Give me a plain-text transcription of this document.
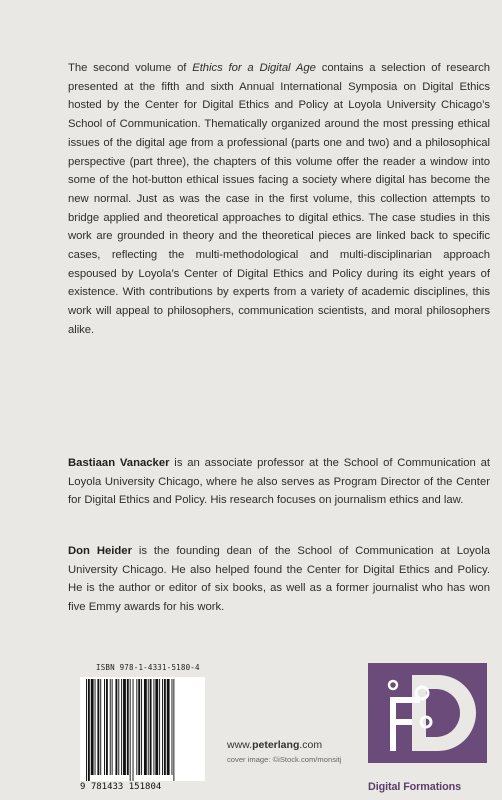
The second volume of Ethics for a Digital Age contains a selection of research presented at the fifth and sixth Annual International Symposia on Digital Ethics hosted by the Center for Digital Ethics and Policy at Loyola University Chicago’s School of Communication. Thematically organized around the most pressing ethical issues of the digital age from a professional (parts one and two) and a philosophical perspective (part three), the chapters of this volume offer the reader a window into some of the hot-button ethical issues facing a society where digital has become the new normal. Just as was the case in the first volume, this collection attempts to bridge applied and theoretical approaches to digital ethics. The case studies in this work are grounded in theory and the theoretical pieces are linked back to specific cases, reflecting the multi-methodological and multi-disciplinarian approach espoused by Loyola’s Center of Digital Ethics and Policy during its eight years of existence. With contributions by experts from a variety of academic disciplines, this work will appeal to philosophers, communication scientists, and moral philosophers alike.

Bastiaan Vanacker is an associate professor at the School of Communication at Loyola University Chicago, where he also serves as Program Director of the Center for Digital Ethics and Policy. His research focuses on journalism ethics and law.
Don Heider is the founding dean of the School of Communication at Loyola University Chicago. He also helped found the Center for Digital Ethics and Policy. He is the author or editor of six books, as well as a former journalist who has won five Emmy awards for his work.
ISBN 978-1-4331-5180-4
9 781433 151804
www.peterlang.com
cover image: ©iStock.com/monsitj
Digital Formations
